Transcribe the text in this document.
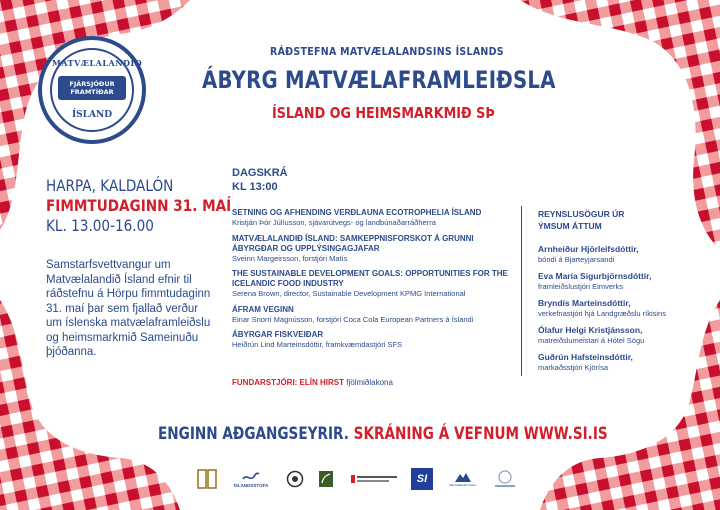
MATVÆLALANDIÐ
FJÁRSJÓÐUR
FRAMTÍÐAR
ÍSLAND
RÁÐSTEFNA MATVÆLALANDSINS ÍSLANDS
ÁBYRG MATVÆLAFRAMLEIÐSLA
ÍSLAND OG HEIMSMARKMIÐ SÞ
HARPA, KALDALÓN
FIMMTUDAGINN 31. MAÍ
KL. 13.00-16.00
Samstarfsvettvangur um Matvælalandið Ísland efnir til ráðstefnu á Hörpu fimmtudaginn 31. maí þar sem fjallað verður um íslenska matvælaframleiðslu og heimsmarkmið Sameinuðu þjóðanna.
DAGSKRÁ
KL 13:00
SETNING OG AFHENDING VERÐLAUNA ECOTROPHELIA ÍSLAND
Kristján Þór Júlíusson, sjávarútvegs- og landbúnaðarráðherra
MATVÆLALANDIÐ ÍSLAND: SAMKEPPNISFORSKOT Á GRUNNI ÁBYRGÐAR OG UPPLÝSINGAGJAFAR
Sveinn Margeirsson, forstjóri Matís
THE SUSTAINABLE DEVELOPMENT GOALS: OPPORTUNITIES FOR THE ICELANDIC FOOD INDUSTRY
Serena Brown, director, Sustainable Development KPMG International
ÁFRAM VEGINN
Einar Snorri Magnússon, forstjóri Coca Cola European Partners á Íslandi
ÁBYRGAR FISKVEIÐAR
Heiðrún Lind Marteinsdóttir, framkvæmdastjóri SFS
FUNDARSTJÓRI: ELÍN HIRST fjölmiðlakona
REYNSLUSÖGUR ÚR
ÝMSUM ÁTTUM
Arnheiður Hjörleifsdóttir,
bóndi á Bjarteyjarsandi
Eva María Sigurbjörnsdóttir,
framleiðslustjóri Eimverks
Bryndís Marteinsdóttir,
verkefnastjóri hjá Landgræðslu ríkisins
Ólafur Helgi Kristjánsson,
matreiðslumeistari á Hótel Sögu
Guðrún Hafsteinsdóttir,
markaðsstjóri Kjörísa
ENGINN AÐGANGSEYRIR. SKRÁNING Á VEFNUM WWW.SI.IS
ÍSLANDSSTOFA	SI	Matvælalandið Ísland
